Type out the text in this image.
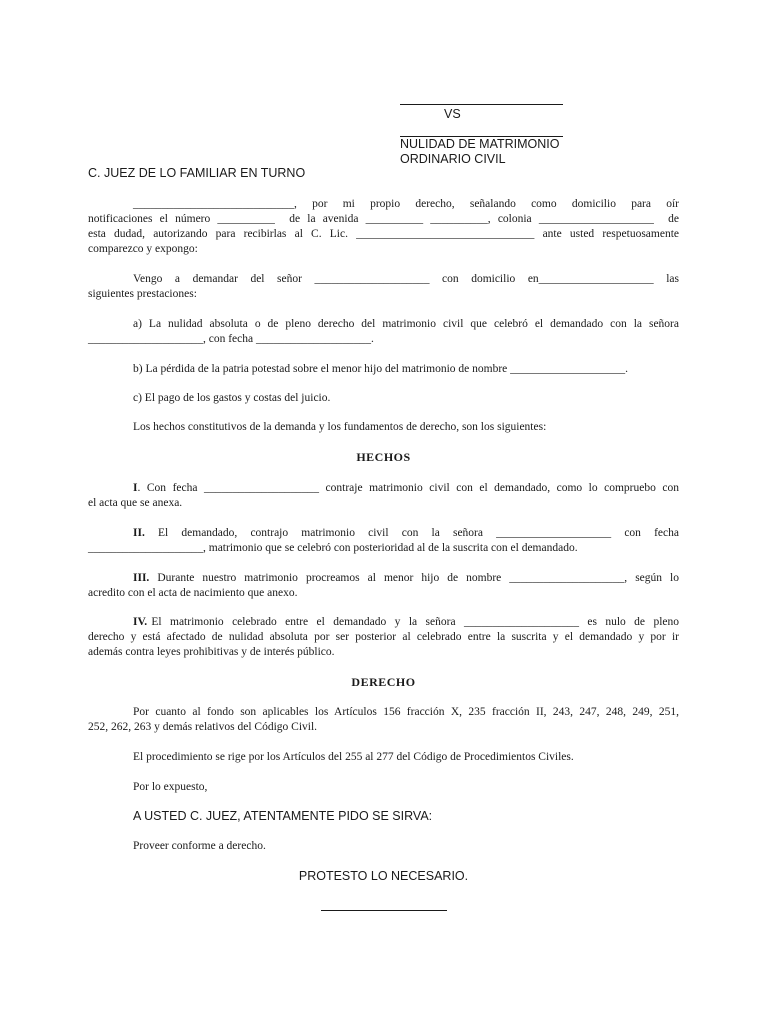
VS
NULIDAD DE MATRIMONIO
ORDINARIO CIVIL
C. JUEZ DE LO FAMILIAR EN TURNO
____________________________,  por  mi  propio  derecho,  señalando  como  domicilio  para  oír
notificaciones el número __________  de la avenida __________ __________, colonia ____________________  de
esta dudad, autorizando para recibirlas al C. Lic. _______________________________ ante usted respetuosamente
comparezco y expongo:
Vengo  a  demandar  del  señor  ____________________  con  domicilio  en____________________  las
siguientes prestaciones:
a)  La  nulidad  absoluta  o  de  pleno  derecho  del  matrimonio  civil  que  celebró  el  demandado  con  la  señora
____________________, con fecha ____________________.
b) La pérdida de la patria potestad sobre el menor hijo del matrimonio de nombre ____________________.
c) El pago de los gastos y costas del juicio.
Los hechos constitutivos de la demanda y los fundamentos de derecho, son los siguientes:
HECHOS
I. Con fecha ____________________ contraje matrimonio civil con el demandado, como lo compruebo con
el acta que se anexa.
II.  El  demandado,  contrajo  matrimonio  civil  con  la  señora  ____________________  con  fecha
____________________, matrimonio que se celebró con posterioridad al de la suscrita con el demandado.
III. Durante nuestro matrimonio procreamos al menor hijo de nombre ____________________, según lo
acredito con el acta de nacimiento que anexo.
IV. El  matrimonio  celebrado  entre  el  demandado  y  la  señora  ____________________  es  nulo  de  pleno
derecho y está afectado de nulidad absoluta por ser posterior al celebrado entre la suscrita y el demandado y por ir
además contra leyes prohibitivas y de interés público.
DERECHO
Por cuanto al fondo son aplicables los Artículos 156 fracción X, 235 fracción II, 243, 247, 248, 249, 251,
252, 262, 263 y demás relativos del Código Civil.
El procedimiento se rige por los Artículos del 255 al 277 del Código de Procedimientos Civiles.
Por lo expuesto,
A USTED C. JUEZ, ATENTAMENTE PIDO SE SIRVA:
Proveer conforme a derecho.
PROTESTO LO NECESARIO.
